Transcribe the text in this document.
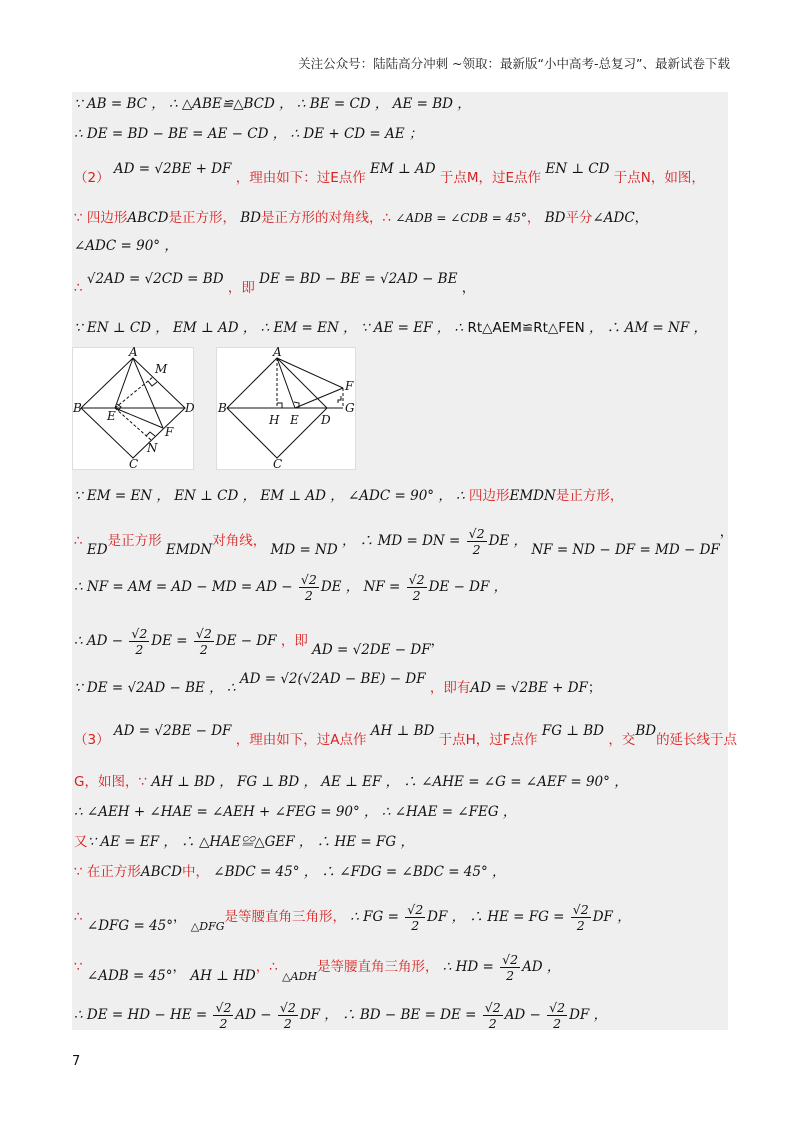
关注公众号：陆陆高分冲刺 ~领取：最新版“小中高考-总复习”、最新试卷下载
∵ AB = BC ， ∴ △ABE≌△BCD ， ∴ BE = CD ， AE = BD ，
∴ DE = BD − BE = AE − CD ， ∴ DE + CD = AE ；
（2） AD = √2BE + DF ，理由如下：过E点作 EM ⊥ AD 于点M，过E点作 EN ⊥ CD 于点N，如图，
∵ 四边形ABCD是正方形， BD是正方形的对角线，∴ ∠ADB = ∠CDB = 45°， BD平分∠ADC，
∠ADC = 90° ，
∴ √2AD = √2CD = BD ，即 DE = BD − BE = √2AD − BE ，
∵ EN ⊥ CD ， EM ⊥ AD ， ∴ EM = EN ， ∵ AE = EF ， ∴ Rt△AEM≌Rt△FEN ， ∴ AM = NF ，
A
B
C
D
E
M
N
F
A
B
C
D
E
H
F
G
∵ EM = EN ， EN ⊥ CD ， EM ⊥ AD ， ∠ADC = 90° ， ∴ 四边形EMDN是正方形，
∴ ED是正方形 EMDN对角线， MD = ND ， ∴ MD = DN = $\frac{√2}{2}$ DE ， NF = ND − DF = MD − DF，
∴ NF = AM = AD − MD = AD − $\frac{√2}{2}$ DE ， NF = $\frac{√2}{2}$ DE − DF ，
∴ AD − $\frac{√2}{2}$ DE = $\frac{√2}{2}$ DE − DF ，即 AD = √2DE − DF，
∵ DE = √2AD − BE ， ∴ AD = √2(√2AD − BE) − DF ，即有AD = √2BE + DF；
（3） AD = √2BE − DF ，理由如下，过A点作 AH ⊥ BD 于点H，过F点作 FG ⊥ BD ，交BD的延长线于点
G，如图，∵ AH ⊥ BD ， FG ⊥ BD ， AE ⊥ EF ， ∴ ∠AHE = ∠G = ∠AEF = 90° ，
∴ ∠AEH + ∠HAE = ∠AEH + ∠FEG = 90° ， ∴ ∠HAE = ∠FEG ，
又∵ AE = EF ， ∴ △HAE≌△GEF ， ∴ HE = FG ，
∵ 在正方形ABCD中， ∠BDC = 45° ， ∴ ∠FDG = ∠BDC = 45° ，
∴ ∠DFG = 45°， $_{\triangle DFG}$是等腰直角三角形， ∴ FG = $\frac{√2}{2}$ DF ， ∴ HE = FG = $\frac{√2}{2}$ DF ，
∵ ∠ADB = 45°， AH ⊥ HD，∴ $_{\triangle ADH}$是等腰直角三角形， ∴ HD = $\frac{√2}{2}$ AD ，
∴ DE = HD − HE = $\frac{√2}{2}$ AD − $\frac{√2}{2}$ DF ， ∴ BD − BE = DE = $\frac{√2}{2}$ AD − $\frac{√2}{2}$ DF ，
7
